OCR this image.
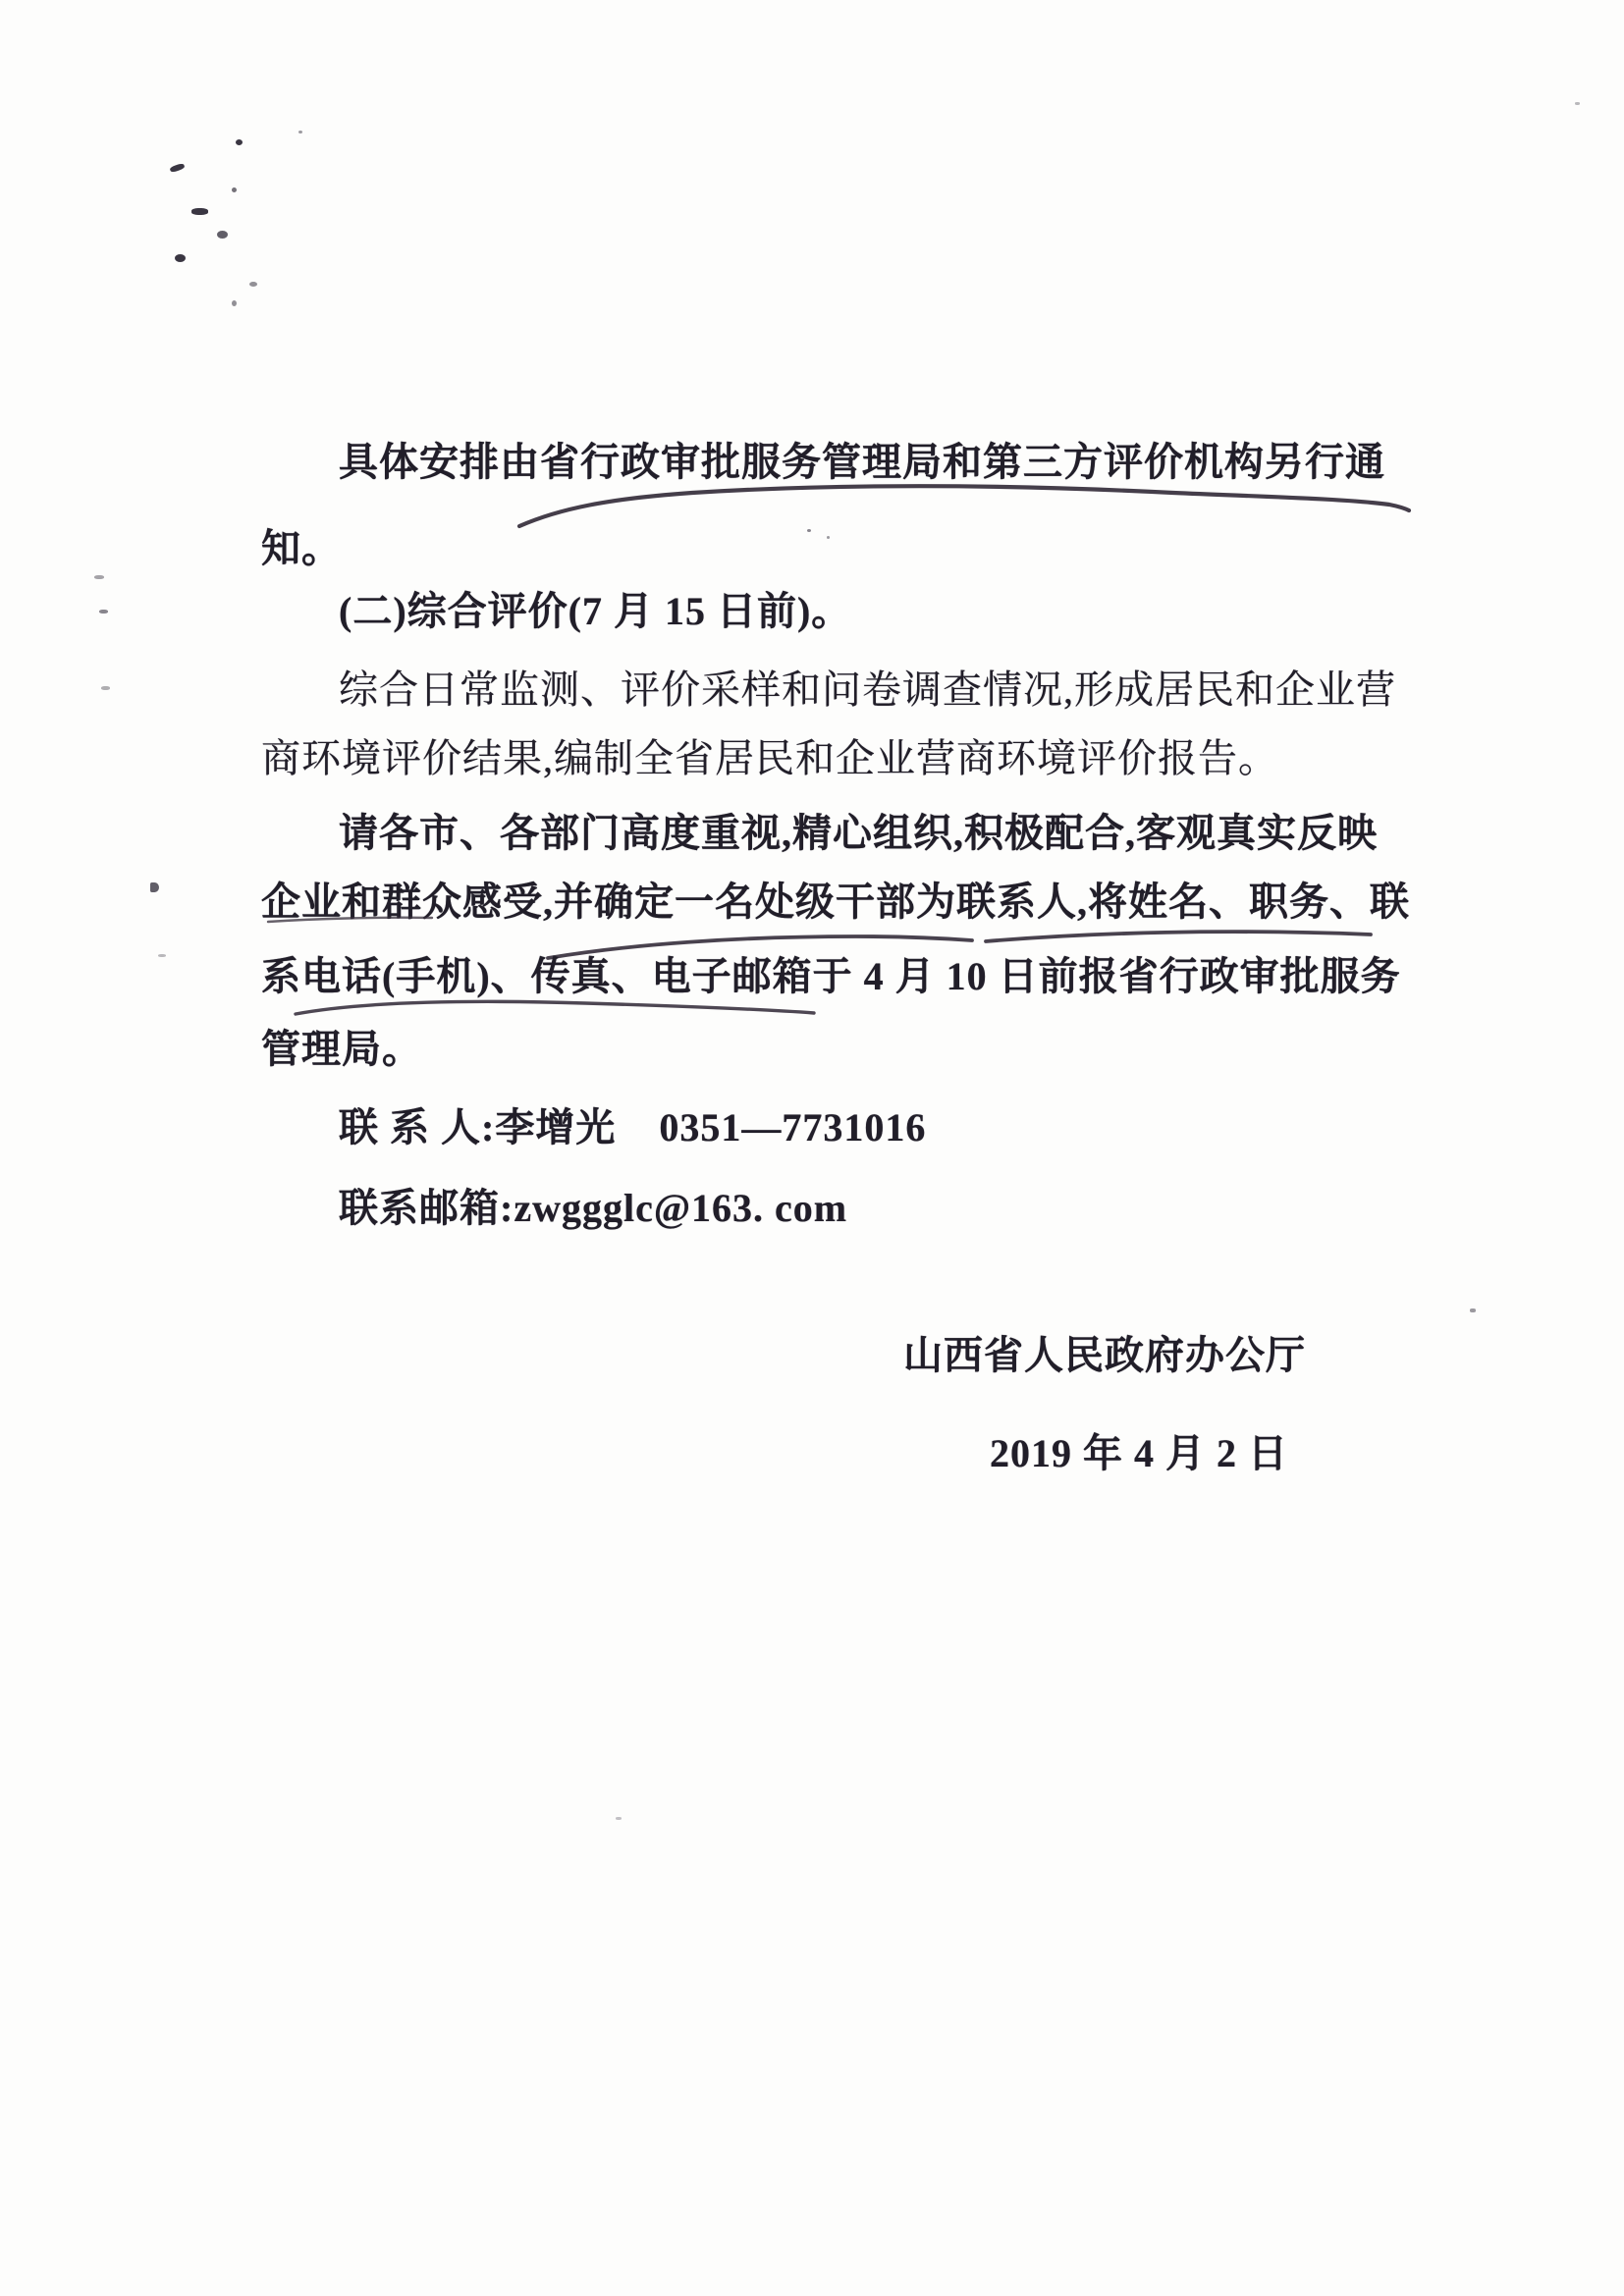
具体安排由省行政审批服务管理局和第三方评价机构另行通
知。
(二)综合评价(7 月 15 日前)。
综合日常监测、评价采样和问卷调查情况,形成居民和企业营
商环境评价结果,编制全省居民和企业营商环境评价报告。
请各市、各部门高度重视,精心组织,积极配合,客观真实反映
企业和群众感受,并确定一名处级干部为联系人,将姓名、职务、联
系电话(手机)、传真、电子邮箱于 4 月 10 日前报省行政审批服务
管理局。
联 系 人:李增光    0351—7731016
联系邮箱:zwggglc@163. com
山西省人民政府办公厅
2019 年 4 月 2 日
